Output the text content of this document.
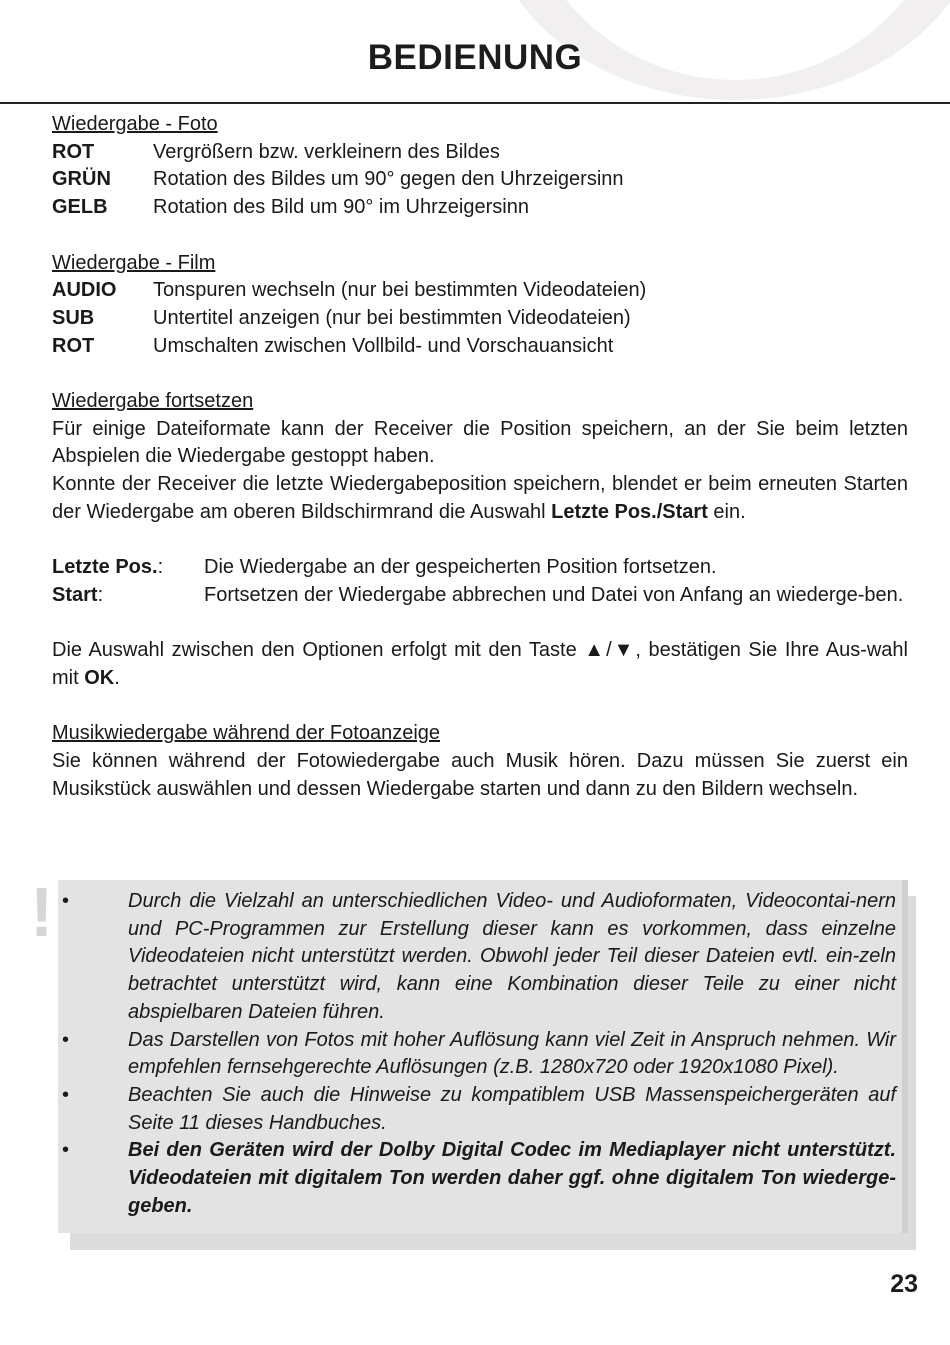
BEDIENUNG
Wiedergabe - Foto
ROT	Vergrößern bzw. verkleinern des Bildes
GRÜN	Rotation des Bildes um 90° gegen den Uhrzeigersinn
GELB	Rotation des Bild um 90° im Uhrzeigersinn
Wiedergabe - Film
AUDIO	Tonspuren wechseln (nur bei bestimmten Videodateien)
SUB	Untertitel anzeigen (nur bei bestimmten Videodateien)
ROT	Umschalten zwischen Vollbild- und Vorschauansicht
Wiedergabe fortsetzen
Für einige Dateiformate kann der Receiver die Position speichern, an der Sie beim letzten Abspielen die Wiedergabe gestoppt haben.
Konnte der Receiver die letzte Wiedergabeposition speichern, blendet er beim erneuten Starten der Wiedergabe am oberen Bildschirmrand die Auswahl Letzte Pos./Start ein.
Letzte Pos.:	Die Wiedergabe an der gespeicherten Position fortsetzen.
Start:	Fortsetzen der Wiedergabe abbrechen und Datei von Anfang an wiederge-ben.
Die Auswahl zwischen den Optionen erfolgt mit den Taste ▲/▼, bestätigen Sie Ihre Aus-wahl mit OK.
Musikwiedergabe während der Fotoanzeige
Sie können während der Fotowiedergabe auch Musik hören. Dazu müssen Sie zuerst ein Musikstück auswählen und dessen Wiedergabe starten und dann zu den Bildern wechseln.
! •	Durch die Vielzahl an unterschiedlichen Video- und Audioformaten, Videocontai-nern und PC-Programmen zur Erstellung dieser kann es vorkommen, dass einzelne Videodateien nicht unterstützt werden. Obwohl jeder Teil dieser Dateien evtl. ein-zeln betrachtet unterstützt wird, kann eine Kombination dieser Teile zu einer nicht abspielbaren Dateien führen.
•	Das Darstellen von Fotos mit hoher Auflösung kann viel Zeit in Anspruch nehmen. Wir empfehlen fernsehgerechte Auflösungen (z.B. 1280x720 oder 1920x1080 Pixel).
•	Beachten Sie auch die Hinweise zu kompatiblem USB Massenspeichergeräten auf Seite 11 dieses Handbuches.
•	Bei den Geräten wird der Dolby Digital Codec im Mediaplayer nicht unterstützt. Videodateien mit digitalem Ton werden daher ggf. ohne digitalem Ton wiederge-geben.
23
